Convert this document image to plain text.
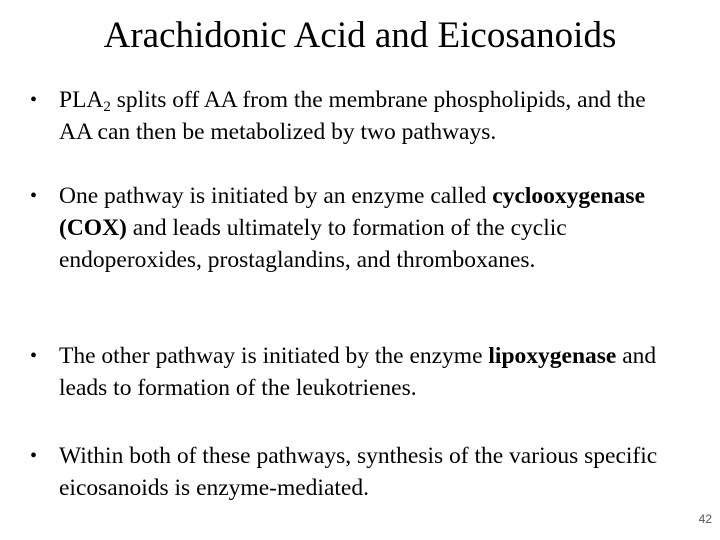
Arachidonic Acid and Eicosanoids
• $PLA_2$ splits off AA from the membrane phospholipids, and the AA can then be metabolized by two pathways.
• One pathway is initiated by an enzyme called cyclooxygenase (COX) and leads ultimately to formation of the cyclic endoperoxides, prostaglandins, and thromboxanes.
• The other pathway is initiated by the enzyme lipoxygenase and leads to formation of the leukotrienes.
• Within both of these pathways, synthesis of the various specific eicosanoids is enzyme-mediated.
42
